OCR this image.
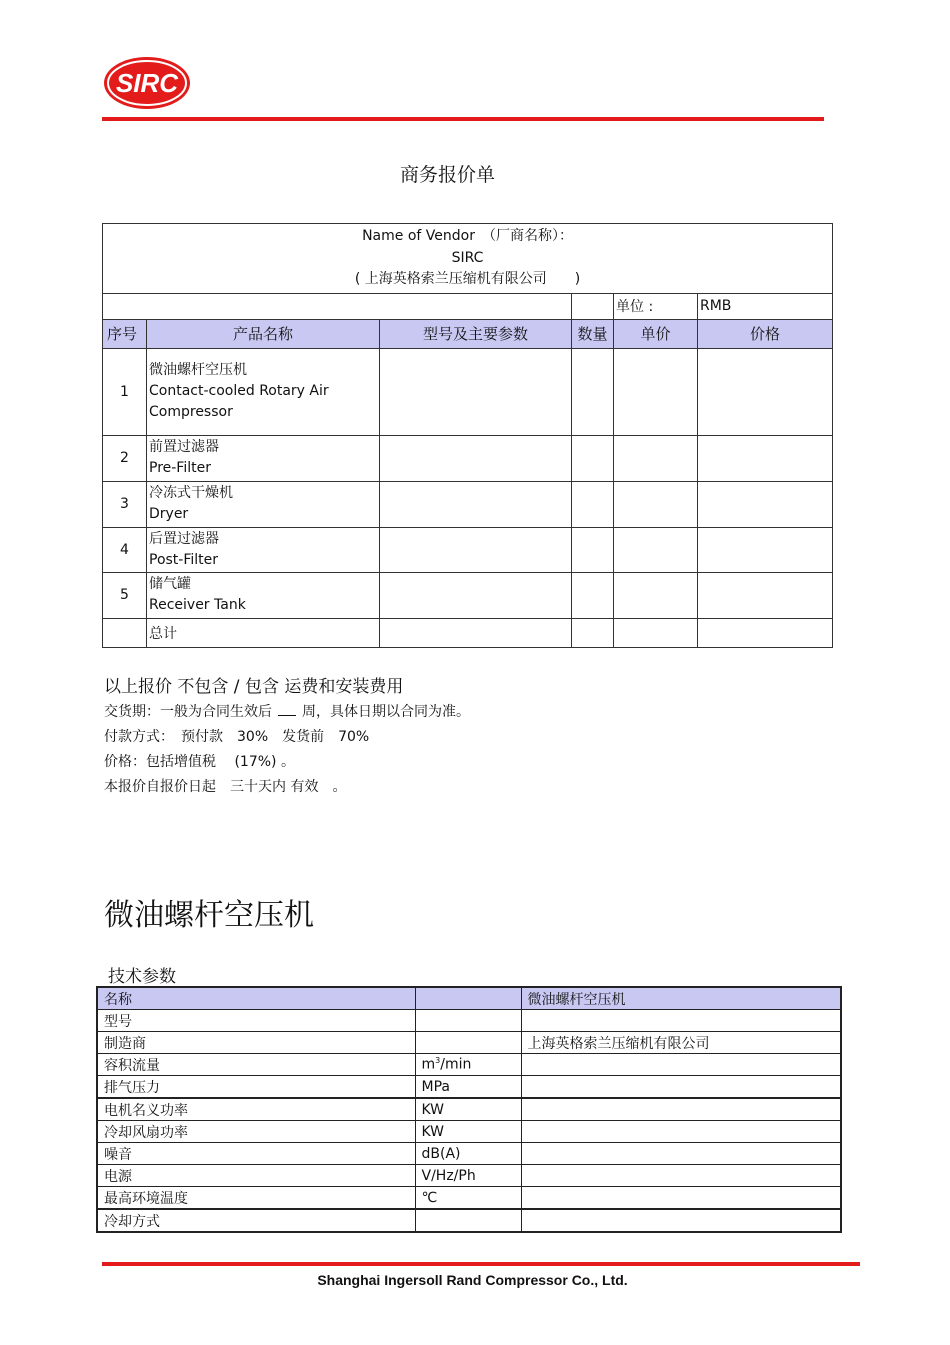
SIRC
商务报价单
Name of Vendor　（厂商名称）：
SIRC
( 上海英格索兰压缩机有限公司　　)					

				单位 :	RMB
序号	产品名称	型号及主要参数	数量	单价	价格
1	微油螺杆空压机
Contact-cooled Rotary Air Compressor				

2	前置过滤器
Pre-Filter				

3	冷冻式干燥机
Dryer				

4	后置过滤器
Post-Filter				

5	储气罐
Receiver Tank				

	总计				
以上报价 不包含 / 包含 运费和安装费用
交货期：一般为合同生效后 周，具体日期以合同为准。
付款方式：　预付款　30%　发货前　70%
价格：包括增值税　 (17%) 。
本报价自报价日起　三十天内 有效　。
微油螺杆空压机
技术参数
名称		微油螺杆空压机
型号		
制造商		上海英格索兰压缩机有限公司
容积流量	$m^3/\min$	
排气压力	MPa	
电机名义功率	KW	
冷却风扇功率	KW	
噪音	dB(A)	
电源	V/Hz/Ph	
最高环境温度	℃	
冷却方式		
Shanghai Ingersoll Rand Compressor Co., Ltd.
